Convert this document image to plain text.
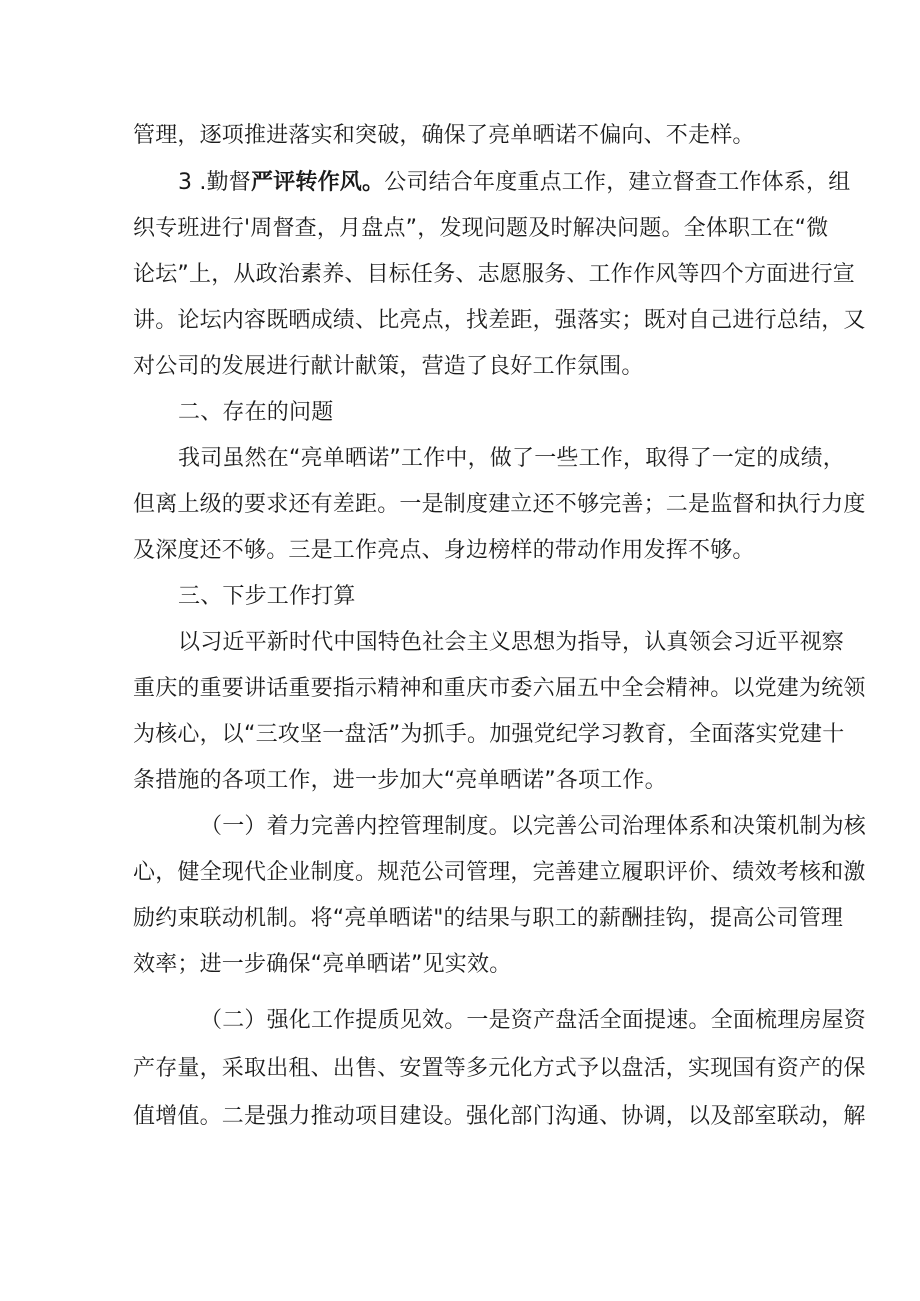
管理，逐项推进落实和突破，确保了亮单晒诺不偏向、不走样。
3 .勤督严评转作风。公司结合年度重点工作，建立督查工作体系，组
织专班进行'周督查，月盘点”，发现问题及时解决问题。全体职工在“微
论坛”上，从政治素养、目标任务、志愿服务、工作作风等四个方面进行宣
讲。论坛内容既晒成绩、比亮点，找差距，强落实；既对自己进行总结，又
对公司的发展进行献计献策，营造了良好工作氛围。
二、存在的问题
我司虽然在“亮单晒诺”工作中，做了一些工作，取得了一定的成绩，
但离上级的要求还有差距。一是制度建立还不够完善；二是监督和执行力度
及深度还不够。三是工作亮点、身边榜样的带动作用发挥不够。
三、下步工作打算
以习近平新时代中国特色社会主义思想为指导，认真领会习近平视察
重庆的重要讲话重要指示精神和重庆市委六届五中全会精神。以党建为统领
为核心，以“三攻坚一盘活”为抓手。加强党纪学习教育，全面落实党建十
条措施的各项工作，进一步加大“亮单晒诺”各项工作。
（一）着力完善内控管理制度。以完善公司治理体系和决策机制为核
心，健全现代企业制度。规范公司管理，完善建立履职评价、绩效考核和激
励约束联动机制。将“亮单晒诺"的结果与职工的薪酬挂钩，提高公司管理
效率；进一步确保“亮单晒诺”见实效。
（二）强化工作提质见效。一是资产盘活全面提速。全面梳理房屋资
产存量，采取出租、出售、安置等多元化方式予以盘活，实现国有资产的保
值增值。二是强力推动项目建设。强化部门沟通、协调，以及部室联动，解
